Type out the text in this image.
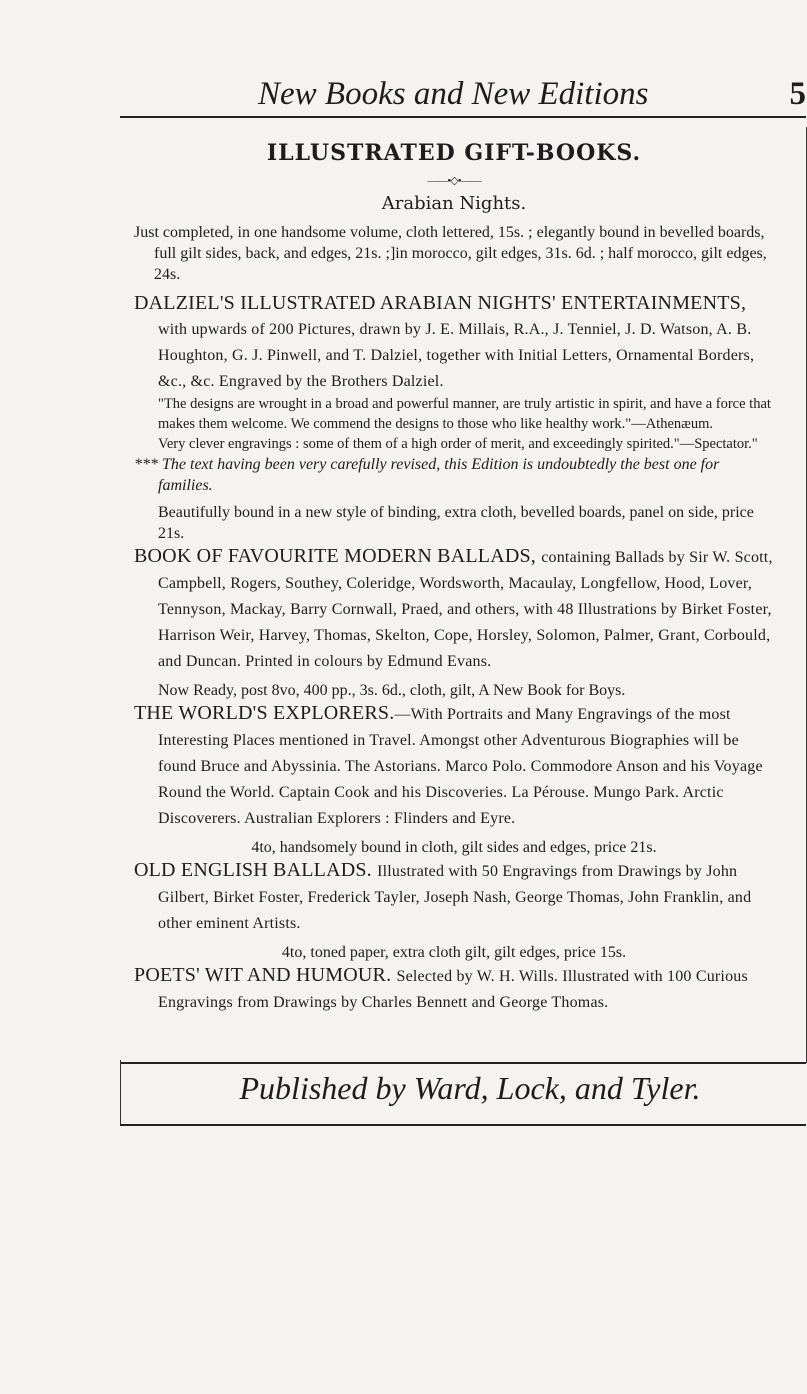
New Books and New Editions	5

ILLUSTRATED GIFT-BOOKS.

——•◇•——

Arabian Nights.

Just completed, in one handsome volume, cloth lettered, 15s. ; elegantly bound in bevelled boards, full gilt sides, back, and edges, 21s. ;]in morocco, gilt edges, 31s. 6d. ; half morocco, gilt edges, 24s.

DALZIEL'S ILLUSTRATED ARABIAN NIGHTS' ENTERTAINMENTS, with upwards of 200 Pictures, drawn by J. E. Millais, R.A., J. Tenniel, J. D. Watson, A. B. Houghton, G. J. Pinwell, and T. Dalziel, together with Initial Letters, Ornamental Borders, &c., &c. Engraved by the Brothers Dalziel.

"The designs are wrought in a broad and powerful manner, are truly artistic in spirit, and have a force that makes them welcome. We commend the designs to those who like healthy work."—Athenæum.

Very clever engravings : some of them of a high order of merit, and exceedingly spirited."—Spectator."

*** The text having been very carefully revised, this Edition is undoubtedly the best one for families.

Beautifully bound in a new style of binding, extra cloth, bevelled boards, panel on side, price 21s.

BOOK OF FAVOURITE MODERN BALLADS, containing Ballads by Sir W. Scott, Campbell, Rogers, Southey, Coleridge, Wordsworth, Macaulay, Longfellow, Hood, Lover, Tennyson, Mackay, Barry Cornwall, Praed, and others, with 48 Illustrations by Birket Foster, Harrison Weir, Harvey, Thomas, Skelton, Cope, Horsley, Solomon, Palmer, Grant, Corbould, and Duncan. Printed in colours by Edmund Evans.

Now Ready, post 8vo, 400 pp., 3s. 6d., cloth, gilt, A New Book for Boys.

THE WORLD'S EXPLORERS.—With Portraits and Many Engravings of the most Interesting Places mentioned in Travel. Amongst other Adventurous Biographies will be found Bruce and Abyssinia. The Astorians. Marco Polo. Commodore Anson and his Voyage Round the World. Captain Cook and his Discoveries. La Pérouse. Mungo Park. Arctic Discoverers. Australian Explorers : Flinders and Eyre.

4to, handsomely bound in cloth, gilt sides and edges, price 21s.

OLD ENGLISH BALLADS. Illustrated with 50 Engravings from Drawings by John Gilbert, Birket Foster, Frederick Tayler, Joseph Nash, George Thomas, John Franklin, and other eminent Artists.

4to, toned paper, extra cloth gilt, gilt edges, price 15s.

POETS' WIT AND HUMOUR. Selected by W. H. Wills. Illustrated with 100 Curious Engravings from Drawings by Charles Bennett and George Thomas.

Published by Ward, Lock, and Tyler.
